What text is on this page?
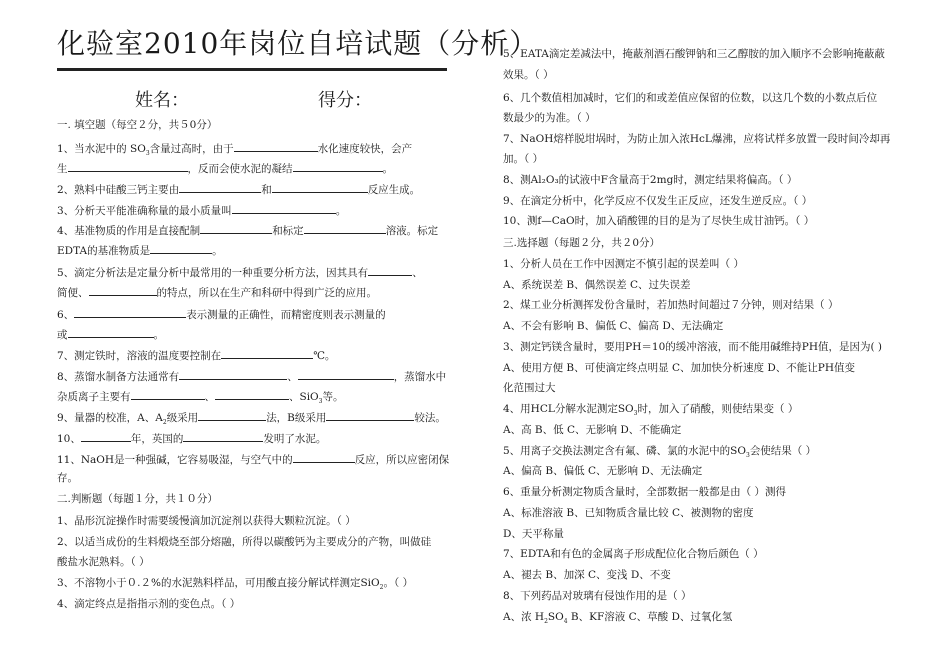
化验室2010年岗位自培试题（分析）
姓名：	得分：
一. 填空题（每空２分，共５0分）
1、当水泥中的 $SO_3$含量过高时，由于	水化速度较快，会产
生	，反而会使水泥的凝结	。
2、熟料中硅酸三钙主要由	和	反应生成。
3、分析天平能准确称量的最小质量叫	。
4、基准物质的作用是直接配制	和标定	溶液。标定
EDTA的基准物质是	。
5、滴定分析法是定量分析中最常用的一种重要分析方法，因其具有	、
简便、	的特点，所以在生产和科研中得到广泛的应用。
6、	表示测量的正确性，而精密度则表示测量的
或	。
7、测定铁时，溶液的温度要控制在	℃。
8、蒸馏水制备方法通常有	、	，蒸馏水中
杂质离子主要有	、	、SiO$_3$等。
9、量器的校准，A、$A_2$级采用	法，B级采用	较法。
10、	年，英国的	发明了水泥。
11、NaOH是一种强碱，它容易吸湿，与空气中的	反应，所以应密闭保
存。
二.判断题（每题１分，共１０分）
1、晶形沉淀操作时需要缓慢滴加沉淀剂以获得大颗粒沉淀。（ ）
2、以适当成份的生料煅烧至部分熔融，所得以碳酸钙为主要成分的产物，叫做硅
酸盐水泥熟料。（ ）
3、不溶物小于０.２%的水泥熟料样品，可用酸直接分解试样测定SiO$_2$。（ ）
4、滴定终点是指指示剂的变色点。（ ）
5、EATA滴定差减法中，掩蔽剂酒石酸钾钠和三乙醇胺的加入顺序不会影响掩蔽蔽
效果。（ ）
6、几个数值相加减时，它们的和或差值应保留的位数，以这几个数的小数点后位
数最少的为准。（ ）
7、NaOH熔样脱坩埚时，为防止加入浓HcL爆沸，应将试样多放置一段时间冷却再
加。（ ）
8、测Al₂O₃的试液中F含量高于2mg时，测定结果将偏高。（ ）
9、在滴定分析中，化学反应不仅发生正反应，还发生逆反应。（ ）
10、测f—CaO时，加入硝酸锂的目的是为了尽快生成甘油钙。（ ）
三.选择题（每题２分，共２0分）
1、分析人员在工作中因测定不慎引起的误差叫（ ）
A、系统误差 B、偶然误差 C、过失误差
2、煤工业分析测挥发份含量时，若加热时间超过７分钟，则对结果（ ）
A、不会有影响 B、偏低 C、偏高 D、无法确定
3、测定钙镁含量时，要用PH＝10的缓冲溶液，而不能用碱维持PH值，是因为( )
A、使用方便 B、可使滴定终点明显 C、加加快分析速度 D、不能让PH值变
化范围过大
4、用HCL分解水泥测定$SO_3$时，加入了硝酸，则使结果变（ ）
A、高 B、低 C、无影响 D、不能确定
5、用离子交换法测定含有氟、磷、氯的水泥中的$SO_3$会使结果（ ）
A、偏高 B、偏低 C、无影响 D、无法确定
6、重量分析测定物质含量时，全部数据一般都是由（ ）测得
A、标准溶液 B、已知物质含量比较 C、被测物的密度
D、天平称量
7、EDTA和有色的金属离子形成配位化合物后颜色（ ）
A、褪去 B、加深 C、变浅 D、不变
8、下列药品对玻璃有侵蚀作用的是（ ）
A、浓 $H_2SO_4$ B、KF溶液 C、草酸 D、过氧化氢
